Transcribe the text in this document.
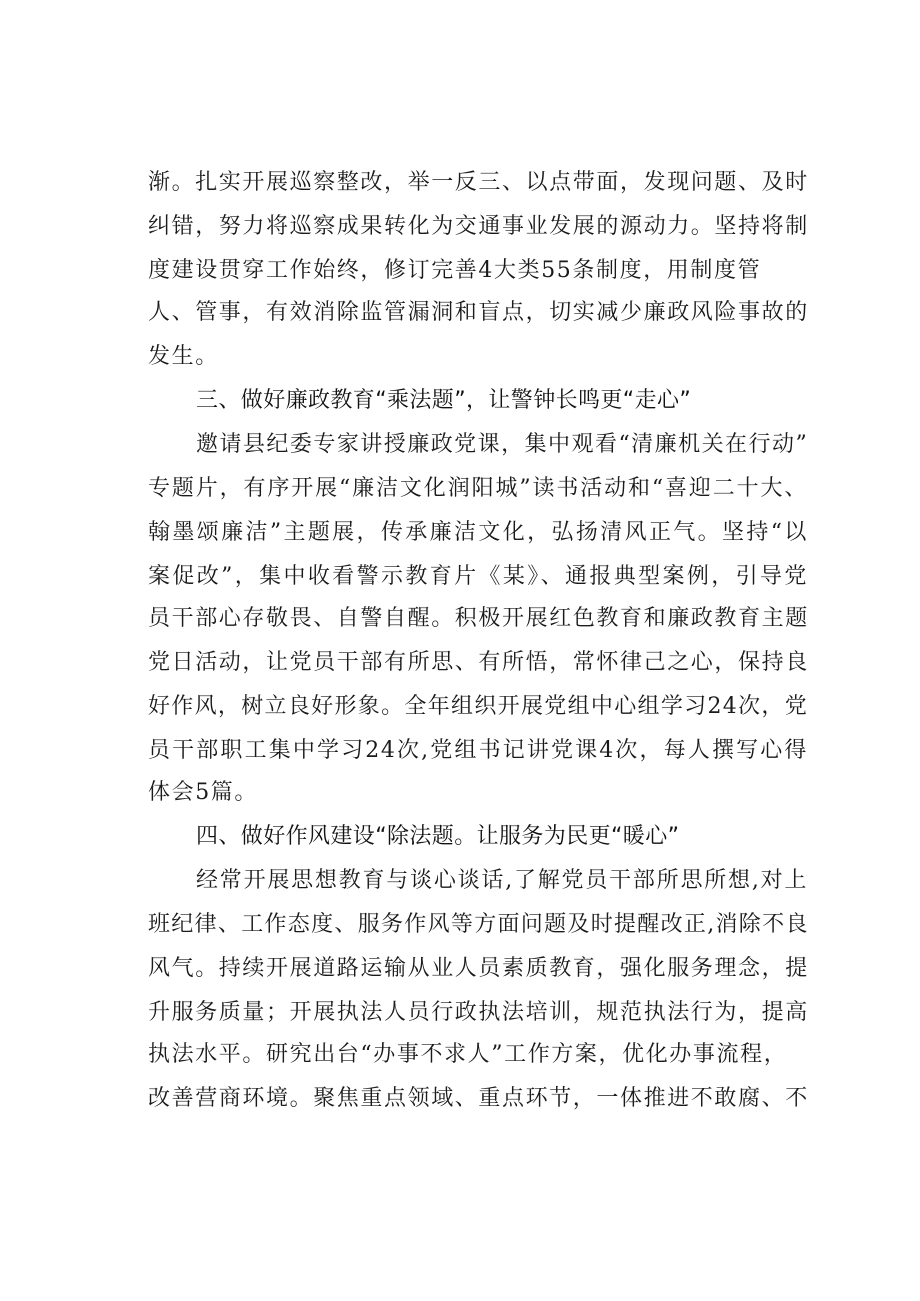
渐。扎实开展巡察整改，举一反三、以点带面，发现问题、及时
纠错，努力将巡察成果转化为交通事业发展的源动力。坚持将制
度建设贯穿工作始终，修订完善4大类55条制度，用制度管
人、管事，有效消除监管漏洞和盲点，切实减少廉政风险事故的
发生。
三、做好廉政教育“乘法题”，让警钟长鸣更“走心”
邀请县纪委专家讲授廉政党课，集中观看“清廉机关在行动”
专题片，有序开展“廉洁文化润阳城”读书活动和“喜迎二十大、
翰墨颂廉洁”主题展，传承廉洁文化，弘扬清风正气。坚持“以
案促改”，集中收看警示教育片《某》、通报典型案例，引导党
员干部心存敬畏、自警自醒。积极开展红色教育和廉政教育主题
党日活动，让党员干部有所思、有所悟，常怀律己之心，保持良
好作风，树立良好形象。全年组织开展党组中心组学习24次，党
员干部职工集中学习24次,党组书记讲党课4次，每人撰写心得
体会5篇。
四、做好作风建设“除法题。让服务为民更“暖心”
经常开展思想教育与谈心谈话,了解党员干部所思所想,对上
班纪律、工作态度、服务作风等方面问题及时提醒改正,消除不良
风气。持续开展道路运输从业人员素质教育，强化服务理念，提
升服务质量；开展执法人员行政执法培训，规范执法行为，提高
执法水平。研究出台“办事不求人”工作方案，优化办事流程，
改善营商环境。聚焦重点领域、重点环节，一体推进不敢腐、不
